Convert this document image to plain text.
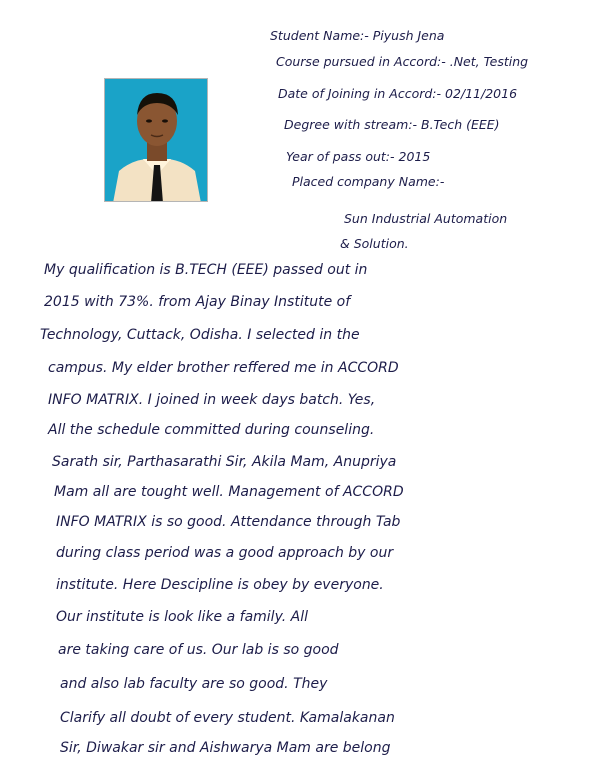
Student Name:- Piyush Jena
Course pursued in Accord:- .Net, Testing
Date of Joining in Accord:- 02/11/2016
Degree with stream:- B.Tech (EEE)
Year of pass out:- 2015
Placed company Name:-
Sun Industrial Automation
& Solution.
My qualification is B.TECH (EEE) passed out in
2015 with 73%. from Ajay Binay Institute of
Technology, Cuttack, Odisha. I selected in the
campus. My elder brother reffered me in ACCORD
INFO MATRIX. I joined in week days batch. Yes,
All the schedule committed during counseling.
Sarath sir, Parthasarathi Sir, Akila Mam, Anupriya
Mam all are tought well. Management of ACCORD
INFO MATRIX is so good. Attendance through Tab
during class period was a good approach by our
institute. Here Descipline is obey by everyone.
Our institute is look like a family. All
are taking care of us. Our lab is so good
and also lab faculty are so good. They
Clarify all doubt of every student. Kamalakanan
Sir, Diwakar sir and Aishwarya Mam are belong
